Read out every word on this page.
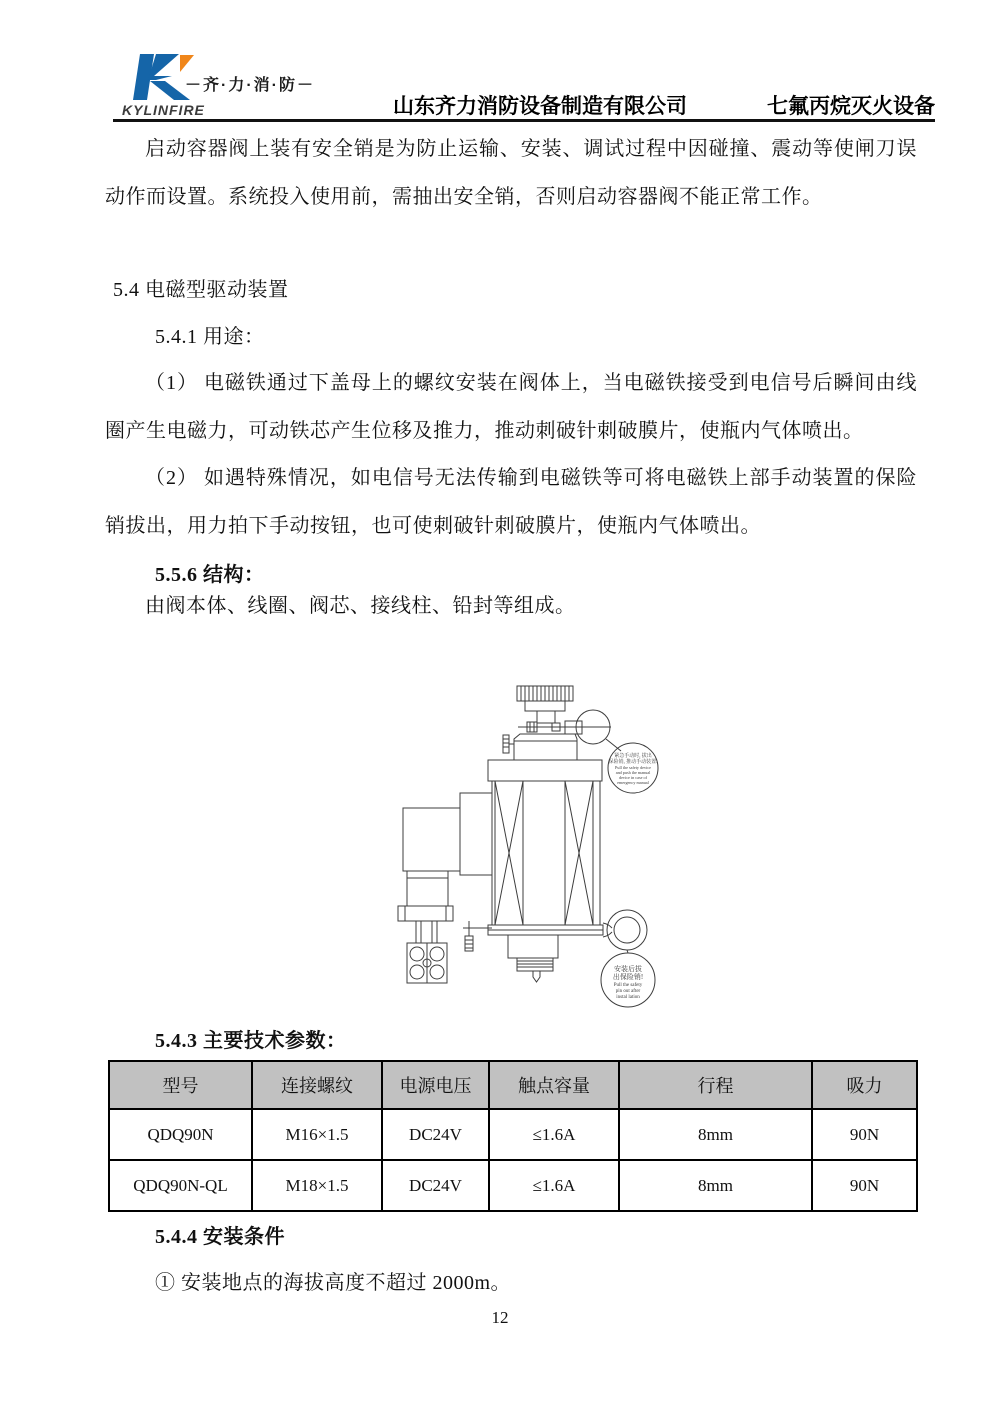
KYLINFIRE
－齐·力·消·防－
山东齐力消防设备制造有限公司	七氟丙烷灭火设备
启动容器阀上装有安全销是为防止运输、安装、调试过程中因碰撞、震动等使闸刀误动作而设置。系统投入使用前，需抽出安全销，否则启动容器阀不能正常工作。
5.4 电磁型驱动装置
5.4.1 用途：
（1） 电磁铁通过下盖母上的螺纹安装在阀体上，当电磁铁接受到电信号后瞬间由线圈产生电磁力，可动铁芯产生位移及推力，推动刺破针刺破膜片，使瓶内气体喷出。
（2） 如遇特殊情况，如电信号无法传输到电磁铁等可将电磁铁上部手动装置的保险销拔出，用力拍下手动按钮，也可使刺破针刺破膜片，使瓶内气体喷出。
5.5.6 结构：
由阀本体、线圈、阀芯、接线柱、铅封等组成。
紧急手动时, 拔出
保险销, 推动手动装置.
Pull the safety device
and push the manual
device in case of
emergency manual
安装后拔
出保险销!
Pull the safety
pin out after
instal lation
5.4.3 主要技术参数：
型号	连接螺纹	电源电压	触点容量	行程	吸力
QDQ90N	M16×1.5	DC24V	≤1.6A	8mm	90N
QDQ90N-QL	M18×1.5	DC24V	≤1.6A	8mm	90N
5.4.4 安装条件
① 安装地点的海拔高度不超过 2000m。
12
